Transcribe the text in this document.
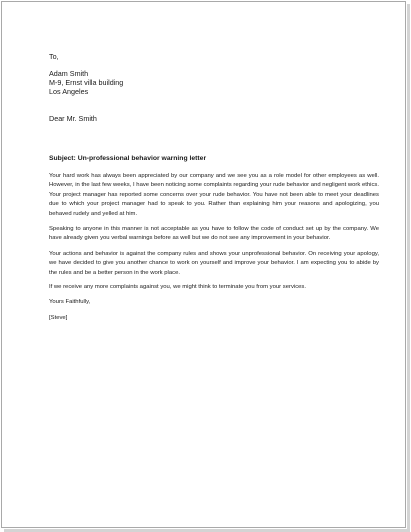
To,
Adam Smith
M-9, Ernst villa building
Los Angeles
Dear Mr. Smith
Subject: Un-professional behavior warning letter

Your hard work has always been appreciated by our company and we see you as a role model for other employees as well. However, in the last few weeks, I have been noticing some complaints regarding your rude behavior and negligent work ethics. Your project manager has reported some concerns over your rude behavior. You have not been able to meet your deadlines due to which your project manager had to speak to you. Rather than explaining him your reasons and apologizing, you behaved rudely and yelled at him.

Speaking to anyone in this manner is not acceptable as you have to follow the code of conduct set up by the company. We have already given you verbal warnings before as well but we do not see any improvement in your behavior.

Your actions and behavior is against the company rules and shows your unprofessional behavior. On receiving your apology, we have decided to give you another chance to work on yourself and improve your behavior. I am expecting you to abide by the rules and be a better person in the work place.

If we receive any more complaints against you, we might think to terminate you from your services.

Yours Faithfully,

[Steve]
